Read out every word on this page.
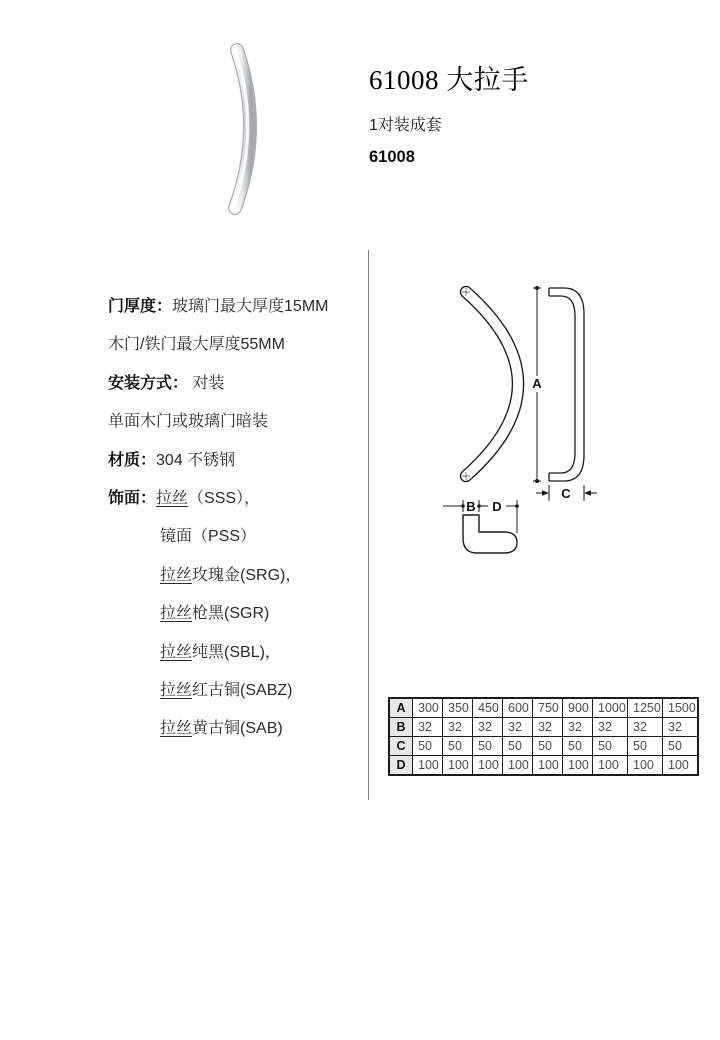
61008 大拉手
1对装成套
61008
门厚度：玻璃门最大厚度15MM
木门/铁门最大厚度55MM
安装方式： 对装
单面木门或玻璃门暗装
材质：304 不锈钢
饰面：拉丝（SSS），
镜面（PSS）
拉丝玫瑰金(SRG)，
拉丝枪黑(SGR)
拉丝纯黑(SBL)，
拉丝红古铜(SABZ)
拉丝黄古铜(SAB)
A
C
B D
A	300	350	450	600	750	900	1000	1250	1500
B	32	32	32	32	32	32	32	32	32
C	50	50	50	50	50	50	50	50	50
D	100	100	100	100	100	100	100	100	100
